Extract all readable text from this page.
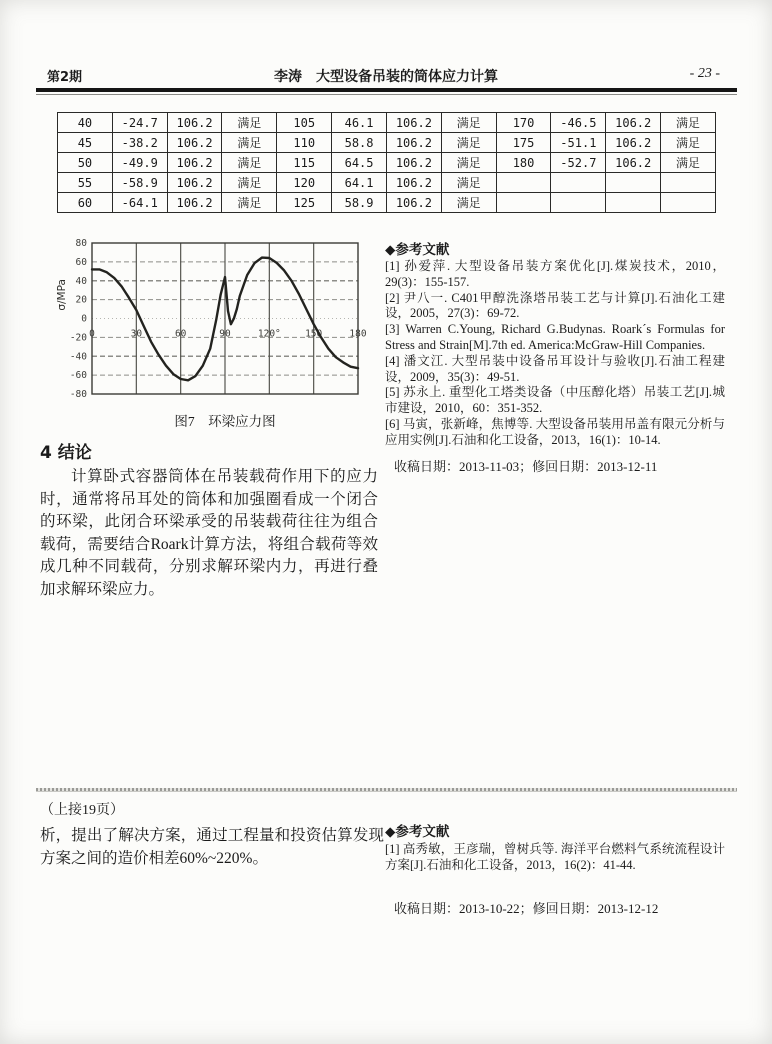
第2期	李涛　大型设备吊装的筒体应力计算	- 23 -
40	-24.7	106.2	满足	105	46.1	106.2	满足	170	-46.5	106.2	满足
45	-38.2	106.2	满足	110	58.8	106.2	满足	175	-51.1	106.2	满足
50	-49.9	106.2	满足	115	64.5	106.2	满足	180	-52.7	106.2	满足
55	-58.9	106.2	满足	120	64.1	106.2	满足				
60	-64.1	106.2	满足	125	58.9	106.2	满足				
80
60
40
20
0
-20
-40
-60
-80
0	30	60	90	120°	150	180
σ/MPa
图7　环梁应力图
4 结论
计算卧式容器筒体在吊装载荷作用下的应力时，通常将吊耳处的筒体和加强圈看成一个闭合的环梁，此闭合环梁承受的吊装载荷往往为组合载荷，需要结合Roark计算方法，将组合载荷等效成几种不同载荷，分别求解环梁内力，再进行叠加求解环梁应力。
◆参考文献
[1] 孙爱萍. 大型设备吊装方案优化[J].煤炭技术，2010，29(3)：155-157.
[2] 尹八一. C401甲醇洗涤塔吊装工艺与计算[J].石油化工建设，2005，27(3)：69-72.
[3] Warren C.Young, Richard G.Budynas. Roark´s Formulas for Stress and Strain[M].7th ed. America:McGraw-Hill Companies.
[4] 潘文江. 大型吊装中设备吊耳设计与验收[J].石油工程建设，2009，35(3)：49-51.
[5] 苏永上. 重型化工塔类设备（中压醇化塔）吊装工艺[J].城市建设，2010，60：351-352.
[6] 马寅，张新峰，焦博等. 大型设备吊装用吊盖有限元分析与应用实例[J].石油和化工设备，2013，16(1)：10-14.
收稿日期：2013-11-03；修回日期：2013-12-11
（上接19页）
析，提出了解决方案，通过工程量和投资估算发现方案之间的造价相差60%~220%。
◆参考文献
[1] 高秀敏，王彦瑞，曾树兵等. 海洋平台燃料气系统流程设计方案[J].石油和化工设备，2013，16(2)：41-44.
收稿日期：2013-10-22；修回日期：2013-12-12
